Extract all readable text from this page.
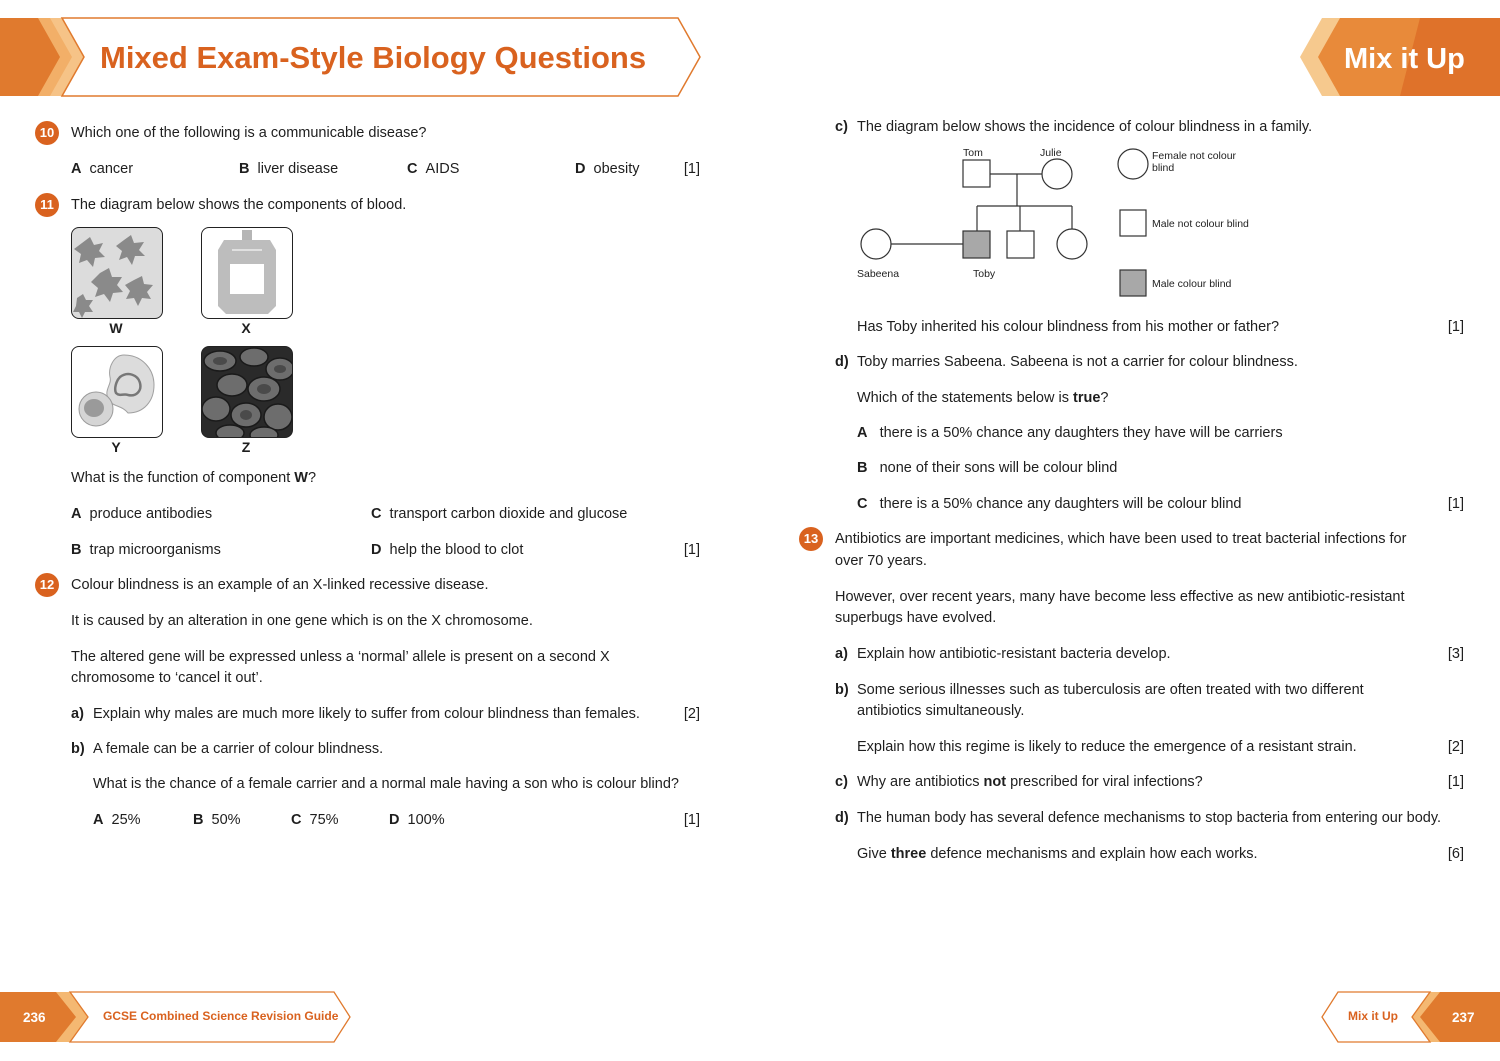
Mixed Exam-Style Biology Questions	Mix it Up
10	Which one of the following is a communicable disease?
A cancer	B liver disease	C AIDS	D obesity	[1]
11	The diagram below shows the components of blood.
W	X
Y	Z
What is the function of component W?
A produce antibodies	C transport carbon dioxide and glucose
B trap microorganisms	D help the blood to clot	[1]
12	Colour blindness is an example of an X-linked recessive disease.
It is caused by an alteration in one gene which is on the X chromosome.
The altered gene will be expressed unless a ‘normal’ allele is present on a second X
chromosome to ‘cancel it out’.
a) Explain why males are much more likely to suffer from colour blindness than females.	[2]
b) A female can be a carrier of colour blindness.
What is the chance of a female carrier and a normal male having a son who is colour blind?
A 25%	B 50%	C 75%	D 100%	[1]
c) The diagram below shows the incidence of colour blindness in a family.
Tom	Julie
Sabeena	Toby
Female not colour blind
Male not colour blind
Male colour blind
Has Toby inherited his colour blindness from his mother or father?	[1]
d) Toby marries Sabeena. Sabeena is not a carrier for colour blindness.
Which of the statements below is true?
A there is a 50% chance any daughters they have will be carriers
B none of their sons will be colour blind
C there is a 50% chance any daughters will be colour blind	[1]
13	Antibiotics are important medicines, which have been used to treat bacterial infections for
over 70 years.
However, over recent years, many have become less effective as new antibiotic-resistant
superbugs have evolved.
a) Explain how antibiotic-resistant bacteria develop.	[3]
b) Some serious illnesses such as tuberculosis are often treated with two different
antibiotics simultaneously.
Explain how this regime is likely to reduce the emergence of a resistant strain.	[2]
c) Why are antibiotics not prescribed for viral infections?	[1]
d) The human body has several defence mechanisms to stop bacteria from entering our body.
Give three defence mechanisms and explain how each works.	[6]
236	GCSE Combined Science Revision Guide	Mix it Up	237
